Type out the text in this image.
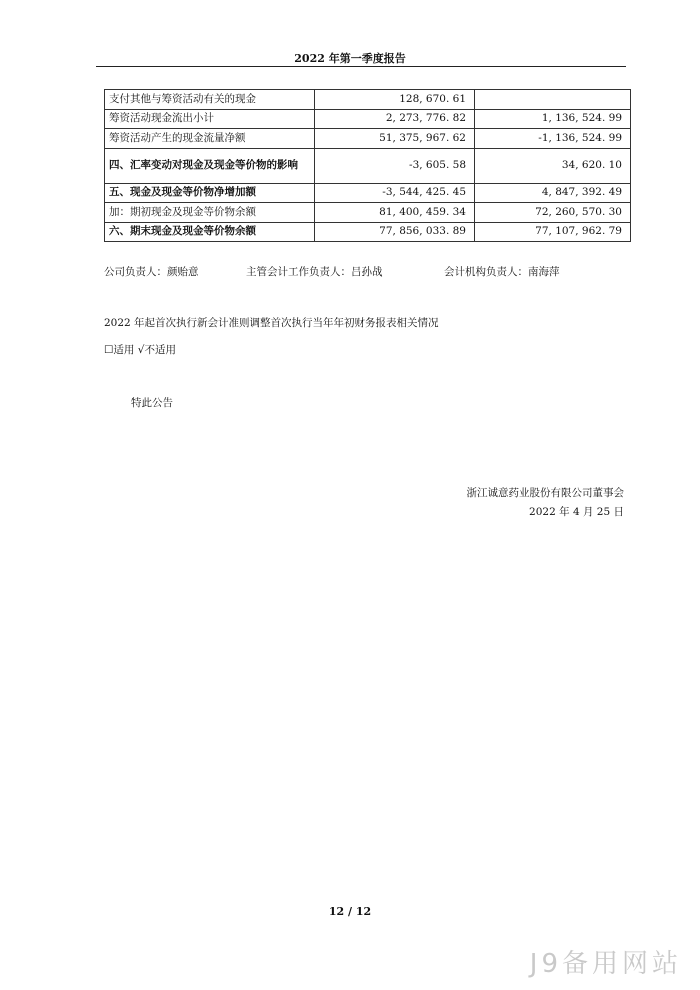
2022 年第一季度报告
支付其他与筹资活动有关的现金	128, 670. 61	
筹资活动现金流出小计	2, 273, 776. 82	1, 136, 524. 99
筹资活动产生的现金流量净额	51, 375, 967. 62	-1, 136, 524. 99
四、汇率变动对现金及现金等价物的影响	-3, 605. 58	34, 620. 10
五、现金及现金等价物净增加额	-3, 544, 425. 45	4, 847, 392. 49
加：期初现金及现金等价物余额	81, 400, 459. 34	72, 260, 570. 30
六、期末现金及现金等价物余额	77, 856, 033. 89	77, 107, 962. 79
公司负责人：颜贻意	主管会计工作负责人：吕孙战	会计机构负责人：南海萍
2022 年起首次执行新会计准则调整首次执行当年年初财务报表相关情况
☐适用 √不适用
特此公告
浙江诚意药业股份有限公司董事会
2022 年 4 月 25 日
12 / 12
J9备用网站
